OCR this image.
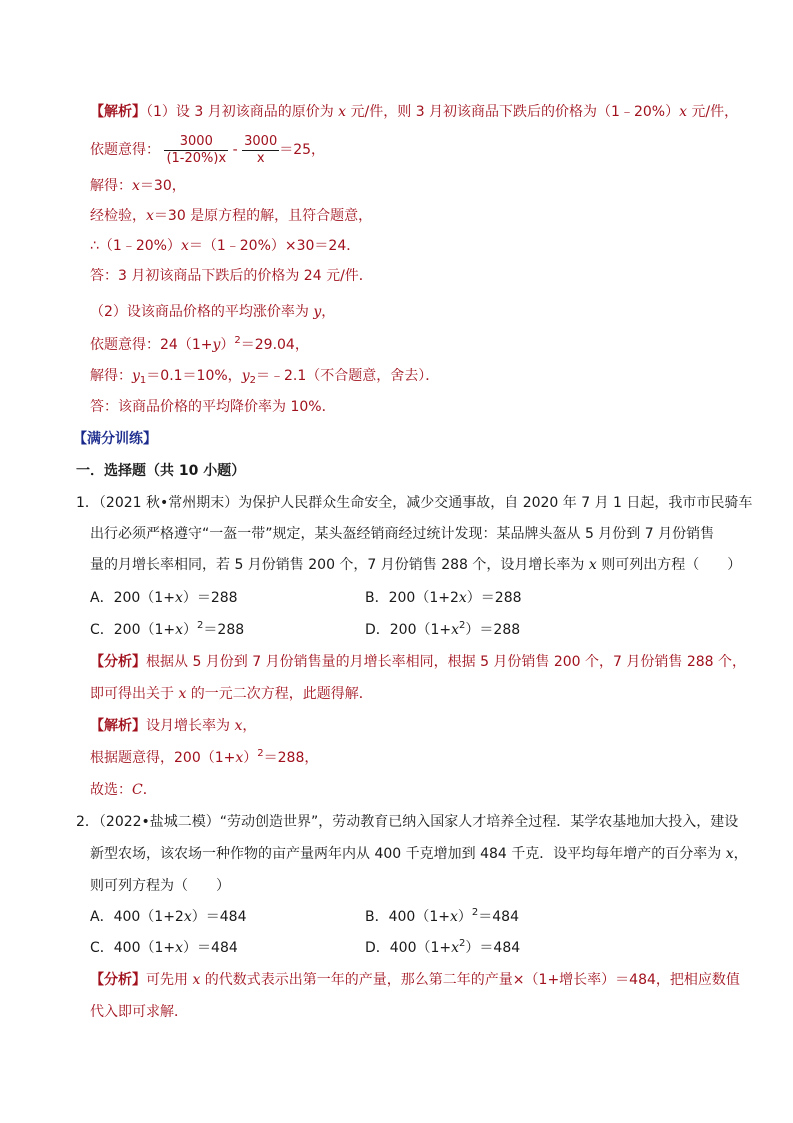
【解析】（1）设 3 月初该商品的原价为 x 元/件，则 3 月初该商品下跌后的价格为（1﹣20%）x 元/件，
依题意得： $\frac{3000}{(1-20\%)x} - \frac{3000}{x} =25$，
解得：x＝30，
经检验，x＝30 是原方程的解，且符合题意，
∴（1﹣20%）x＝（1﹣20%）×30＝24．
答：3 月初该商品下跌后的价格为 24 元/件．
（2）设该商品价格的平均涨价率为 y，
依题意得：$24(1+y)^2=29.04$，
解得：$y_1=0.1=10\%$，$y_2=﹣2.1$（不合题意，舍去）．
答：该商品价格的平均降价率为 10%．
【满分训练】
一．选择题（共 10 小题）
1．（2021 秋•常州期末）为保护人民群众生命安全，减少交通事故，自 2020 年 7 月 1 日起，我市市民骑车
出行必须严格遵守“一盔一带”规定，某头盔经销商经过统计发现：某品牌头盔从 5 月份到 7 月份销售
量的月增长率相同，若 5 月份销售 200 个，7 月份销售 288 个，设月增长率为 x 则可列出方程（　　）
A．200（1+x）＝288	B．200（1+2x）＝288
C．$200(1+x)^2=288$	D．$200(1+x^2)=288$
【分析】根据从 5 月份到 7 月份销售量的月增长率相同，根据 5 月份销售 200 个，7 月份销售 288 个，
即可得出关于 x 的一元二次方程，此题得解．
【解析】设月增长率为 x，
根据题意得，$200(1+x)^2=288$，
故选：C．
2．（2022•盐城二模）“劳动创造世界”，劳动教育已纳入国家人才培养全过程．某学农基地加大投入，建设
新型农场，该农场一种作物的亩产量两年内从 400 千克增加到 484 千克．设平均每年增产的百分率为 x，
则可列方程为（　　）
A．400（1+2x）＝484	B．$400(1+x)^2=484$
C．400（1+x）＝484	D．$400(1+x^2)=484$
【分析】可先用 x 的代数式表示出第一年的产量，那么第二年的产量×（1+增长率）＝484，把相应数值
代入即可求解．
